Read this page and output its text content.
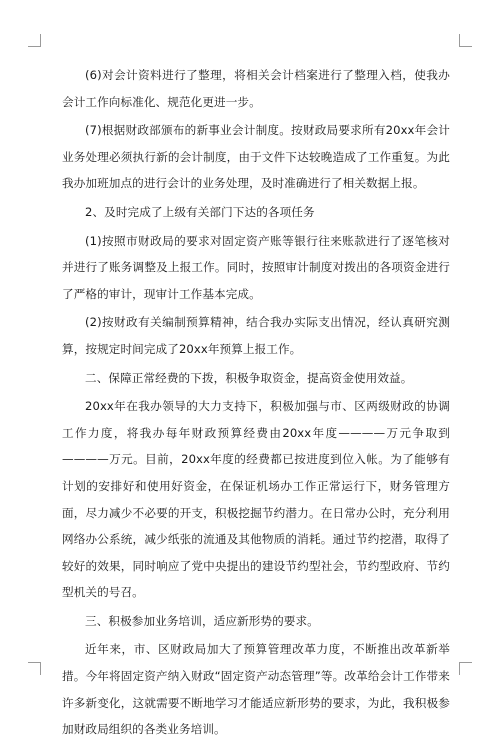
(6)对会计资料进行了整理，将相关会计档案进行了整理入档，使我办会计工作向标准化、规范化更进一步。

(7)根据财政部颁布的新事业会计制度。按财政局要求所有20xx年会计业务处理必须执行新的会计制度，由于文件下达较晚造成了工作重复。为此我办加班加点的进行会计的业务处理，及时准确进行了相关数据上报。

2、及时完成了上级有关部门下达的各项任务

(1)按照市财政局的要求对固定资产账等银行往来账款进行了逐笔核对并进行了账务调整及上报工作。同时，按照审计制度对拨出的各项资金进行了严格的审计，现审计工作基本完成。

(2)按财政有关编制预算精神，结合我办实际支出情况，经认真研究测算，按规定时间完成了20xx年预算上报工作。

二、保障正常经费的下拨，积极争取资金，提高资金使用效益。

20xx年在我办领导的大力支持下，积极加强与市、区两级财政的协调工作力度，将我办每年财政预算经费由20xx年度————万元争取到————万元。目前，20xx年度的经费都已按进度到位入帐。为了能够有计划的安排好和使用好资金，在保证机场办工作正常运行下，财务管理方面，尽力减少不必要的开支，积极挖掘节约潜力。在日常办公时，充分利用网络办公系统，减少纸张的流通及其他物质的消耗。通过节约挖潜，取得了较好的效果，同时响应了党中央提出的建设节约型社会，节约型政府、节约型机关的号召。

三、积极参加业务培训，适应新形势的要求。

近年来，市、区财政局加大了预算管理改革力度，不断推出改革新举措。今年将固定资产纳入财政“固定资产动态管理”等。改革给会计工作带来许多新变化，这就需要不断地学习才能适应新形势的要求，为此，我积极参加财政局组织的各类业务培训。
